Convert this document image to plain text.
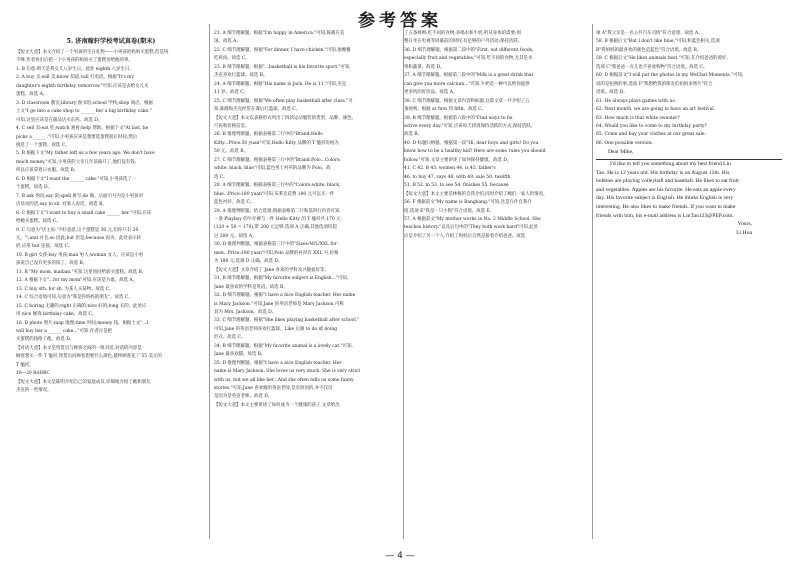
参考答案
5. 济南稼轩学校考试真卷(期末)
【短文大意】本文介绍了一个男孩的生日礼物——小男孩的妈妈买蛋糕,但是钱
不够,作者看出后把一个小男孩的妈妈买了蛋糕送给他的事。
1. B 句意:明天是我女儿八岁生日。此处 eighth 八岁生日。
2. A buy 买;sell 卖;know 知道;call 打电话。根据"It's my
daughter's eighth birthday tomorrow."可知,应该是去给女儿买
蛋糕。故选 A。
3. D classroom 教室;library 图书馆;school 学校;shop 商店。根据
上文"I go into a cake shop to ______ her a big birthday cake."
可知,这里应该是在甜品店买东西。故选 D。
4. C sell 卖;eat 吃;watch 观看;help 帮助。根据下文"At last, he
picks a ______."可知,小男孩应该是想要选蛋糕很长时间,然后
挑选了一个蛋糕。故选 C。
5. B 根据下文"My father left us a few years ago. We don't have
much money."可知,小男孩的父亲几年前离开了,他们没有钱,
所以应该拿着日衣服。故选 B。
6. D 根据下文"I want the ______ cake."可知,小男孩选了一
个蛋糕。故选 D。
7. B ask 询问;say 说;spell 拼写;do 做。后面引号内是小男孩对
店员说的话,say to sb. 对某人说话。故选 B。
8. C 根据下文"I want to buy a small cake ______ her."可知,应该
给她买蛋糕。故选 C。
9. C 句意为"店主说:'不好意思,这个蛋糕是 30 元,但你只有 20
元。'";and 并且;so 因此;but 但是;because 因为。此处表示转
折,应用 but 连接。故选 C。
10. B girl 女孩;boy 男孩;man 男人;woman 女人。应该是小男
孩说自己没有更多的钱了。故选 B。
11. B "My mom, madam."可知,这里询问给谁买蛋糕。故选 B。
12. A 根据下文"...for my mom"可知,应该是为谁。故选 A。
13. C buy sth. for sb. 为某人买某物。故选 C。
14. C 综合语境可知,句意为"我是你妈妈的朋友"。故选 C。
15. C boring 无趣的;right 正确的;nice 好的;long 长的。此处应
用 nice 修饰 birthday cake。故选 C。
16. D photo 照片;map 地图;time 时间;money 钱。根据上文"...I
will buy her a ______ cake..."可知,作者应是把
买蛋糕的钱给了他。故选 D。
【对话大意】本文是售货员与顾客之间的一组对话,对话的内容是
顾客想买一件 T 恤衫,售货员问顾客想要什么颜色,最终顾客花了 55 美元的
T 恤衫。
16—20 BADBC
【短文大意】本文是陈明介绍自己的家庭成员,详细地介绍了她和朋友
杰克的一些情况。
21. A 细节理解题。根据"I'm happy in America."可知,陈晓在美
国。故选 A。
22. C 细节理解题。根据"For dinner, I have chicken."可知,他晚餐
吃鸡肉。故选 C。
23. B 细节理解题。根据"...basketball is his favorite sport."可知,
杰克喜欢打篮球。故选 B。
24. A 细节理解题。根据"His name is Jack. He is 11."可知,杰克
11 岁。故选 C。
25. C 细节理解题。根据"We often play basketball after class."可
知,陈晓和杰克经常在课后打篮球。故选 C。
【短文大意】本文以表格形式列出了四款运动服装的类型、品牌、颜色、
尺码和价格信息。
26. B 推理判断题。根据表格第二行中的"Brand:Hello
Kitty...Price:50 yuan"可知,Hello Kitty 品牌的 T 恤衫价格为
50 元。故选 B。
27. C 细节理解题。根据表格第三行中的"Brand:Polo...Colors:
white, black, blue"可知,蓝色男士衬衫的品牌为 Polo。故
选 C。
28. A 细节理解题。根据表格第三行中的"Colors:white, black,
blue...Price:180 yuan"可知,布莱克花费 180 元可以买一件
蓝色衬衫。故选 C。
29. A 推理判断题。结合选项,根据表格第二行和第四行内容可知,
一条 Playboy 的牛仔裤与一件 Hello Kitty 的 T 恤衫共 170 元
(120 + 50 = 170),带 200 元足够,选项 A 正确,其他选项均超
过 200 元。故选 A。
30. D 推理判断题。根据表格第三行中的"Sizes:M/L/XXL for
men...Price:180 yuan"可知,Polo 品牌的衬衫有 XXL 号,价格
为 180 元,选项 D 正确。故选 D。
【短文大意】文章介绍了 Jane 喜欢的学科及兴趣爱好等。
31. B 细节理解题。根据"My favorite subject is English..."可知,
Jane 最喜欢的学科是英语。故选 B。
32. D 细节理解题。根据"I have a nice English teacher. Her name
is Mary Jackson."可知,Jane 的英语老师是 Mary Jackson,可称
其为 Mrs. Jackson。故选 D。
33. C 细节理解题。根据"She likes playing basketball after school."
可知,Jane 的英语老师喜欢打篮球。Like 后跟 to do 或 doing
形式。故选 C。
34. B 细节理解题。根据"My favorite animal is a lovely cat."可知,
Jane 最喜欢猫。故选 B。
35. D 推理判断题。根据"I have a nice English teacher. Her
name is Mary Jackson. She loves us very much. She is very strict
with us, but we all like her...And she often tells us some funny
stories."可知,Jane 喜欢她的英语老师,是有原因的,并不仅仅
是因为是英语老师。故选 D。
【短文大意】本文主要讲述了如何成为一个健康的孩子,文章给出
了五条规则:吃不同的食物;多喝水和牛奶;听从身体的需要;别
整日坐在电视等屏幕前的时间,有足够的户外活动;保持活跃。
36. D 细节理解题。根据第二段中的"First, eat different foods,
especially fruit and vegetables."可知,吃不同的食物,尤其是水
果和蔬菜。故选 D。
37. A 细节理解题。根据第三段中的"Milk is a great drink that
can give you more calcium..."可知,牛奶是一种可以给你提供
更多钙的好饮品。故选 A。
38. C 细节理解题。根据文章内容和标题,这篇文章一共介绍了五
条规则。根据 at first 到 fifth。故选 C。
39. B 细节理解题。根据第六段中的"Find ways to be
active every day."可知,应该每天找到保持活跃的方式,保持活跃。
故选 B。
40. D 标题归纳题。根据第一段"Hi, dear boys and girls! Do you
know how to be a healthy kid? Here are some rules you should
follow."可知,文章主要讲述了如何保持健康。故选 D。
41. C 42. B 43. women 44. is 45. father's
46. to buy 47. says 48. with 49. sale 50. twelfth
51. B 52. m 53. to see 54. finishes 55. because
【短文大意】本文主要是林梅的自我介绍,同时介绍了她们一家人的情况。
56. F 根据前文"My name is Bangbang."可知,这是在作自我介
绍,选项 E"我是一只小狗"符合语境。故选 E。
57. A 根据前文"My mother works in No. 2 Middle School. She
teaches history."以及后句中的"They both work hard"可知,此处
应是介绍了另一个人,介绍了妈妈后自然是接着介绍爸爸。故选
项 A"我父亲是一名公共汽车司机"符合语境。故选 A。
58. B 根据后文"But I don't like blue."可知,和蓝色相关,选项
B"我妈妈的最喜欢的颜色是蓝色"符合语境。故选 B。
59. C 根据后文"He likes animals best."可知,在介绍爸爸的爱好,
选项 C"我爸爸一点儿也不喜欢购物"符合语境。故选 C。
60. D 根据前文"I will put the photos in my WeChat Moments."可知,
说的是拍照的事,选项 F"我想给我的朋友们拍很多照片"符合
语境。故选 D。
61. He always plays games with us.
62. Next month, we are going to have an art festival.
63. How much is that white sweater?
64. Would you like to come to my birthday party?
65. Come and buy your clothes at our great sale.
66. One possible version:
Dear Mike,
I'd like to tell you something about my best friend Lin
Tao. He is 12 years old. His birthday is on August 12th. His
hobbies are playing volleyball and baseball. He likes to eat fruit
and vegetables. Apples are his favorite. He eats an apple every
day. His favorite subject is English. He thinks English is very
interesting. He also likes to make friends. If you want to make
friends with him, his e-mail address is LinTao123@PEP.com.
Yours,
Li Hua
— 4 —
